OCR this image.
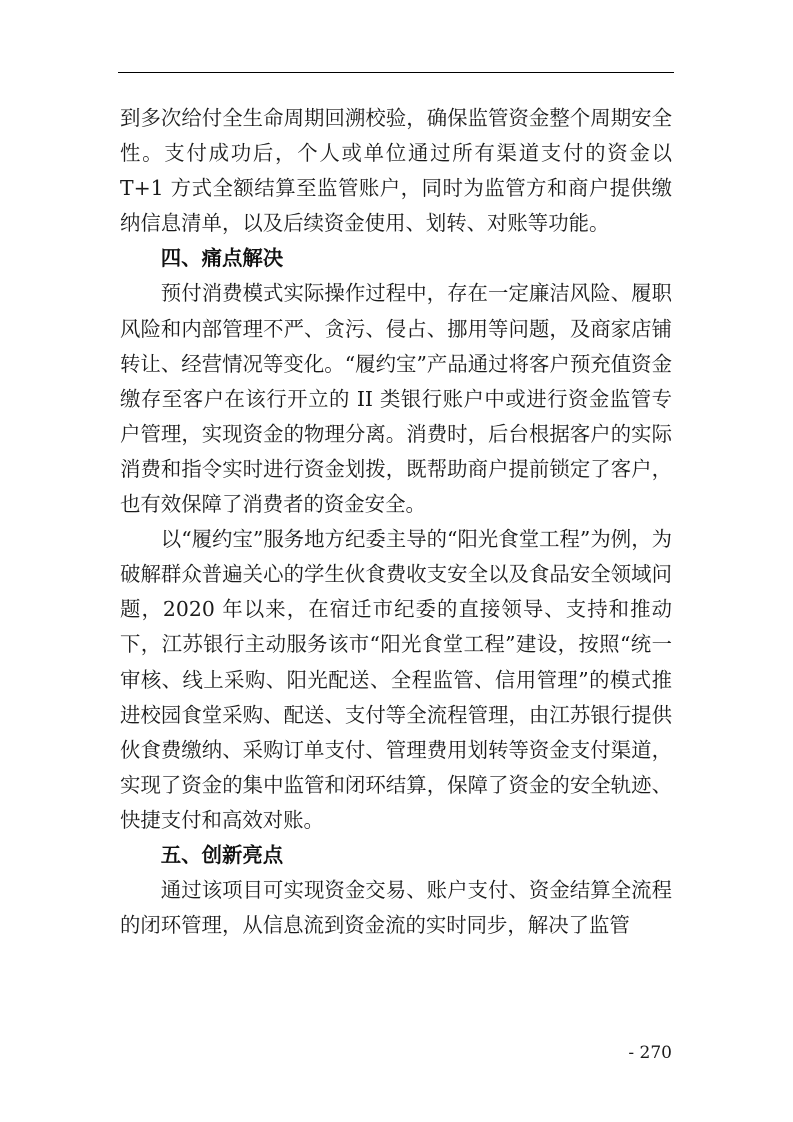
到多次给付全生命周期回溯校验，确保监管资金整个周期安全性。支付成功后，个人或单位通过所有渠道支付的资金以T+1 方式全额结算至监管账户，同时为监管方和商户提供缴纳信息清单，以及后续资金使用、划转、对账等功能。

四、痛点解决

预付消费模式实际操作过程中，存在一定廉洁风险、履职风险和内部管理不严、贪污、侵占、挪用等问题，及商家店铺转让、经营情况等变化。“履约宝”产品通过将客户预充值资金缴存至客户在该行开立的 II 类银行账户中或进行资金监管专户管理，实现资金的物理分离。消费时，后台根据客户的实际消费和指令实时进行资金划拨，既帮助商户提前锁定了客户，也有效保障了消费者的资金安全。

以“履约宝”服务地方纪委主导的“阳光食堂工程”为例，为破解群众普遍关心的学生伙食费收支安全以及食品安全领域问题，2020 年以来，在宿迁市纪委的直接领导、支持和推动下，江苏银行主动服务该市“阳光食堂工程”建设，按照“统一审核、线上采购、阳光配送、全程监管、信用管理”的模式推进校园食堂采购、配送、支付等全流程管理，由江苏银行提供伙食费缴纳、采购订单支付、管理费用划转等资金支付渠道，实现了资金的集中监管和闭环结算，保障了资金的安全轨迹、快捷支付和高效对账。

五、创新亮点

通过该项目可实现资金交易、账户支付、资金结算全流程的闭环管理，从信息流到资金流的实时同步，解决了监管

- 270
